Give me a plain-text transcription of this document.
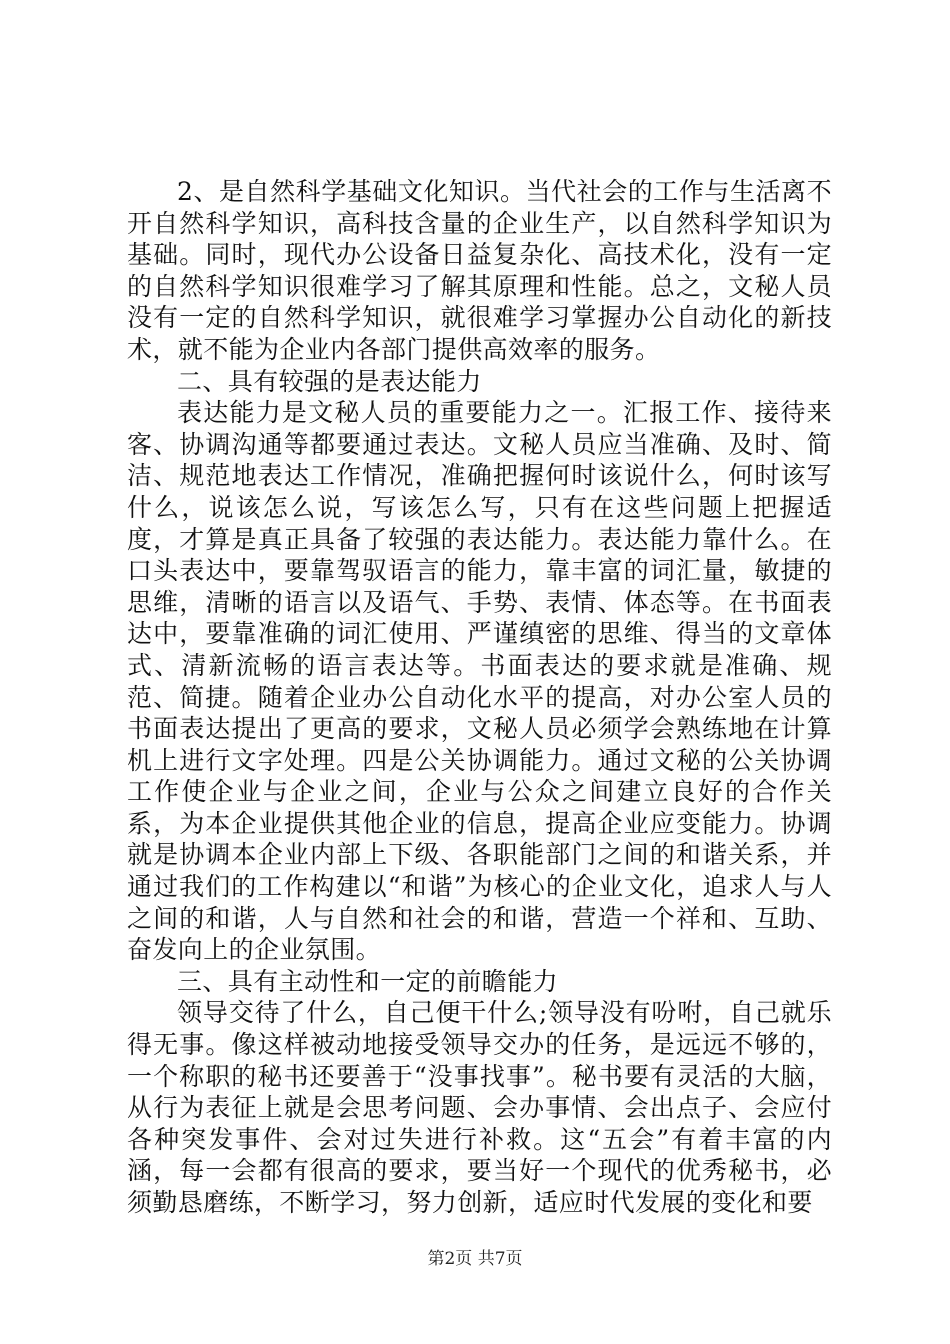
2、是自然科学基础文化知识。当代社会的工作与生活离不开自然科学知识，高科技含量的企业生产，以自然科学知识为基础。同时，现代办公设备日益复杂化、高技术化，没有一定的自然科学知识很难学习了解其原理和性能。总之，文秘人员没有一定的自然科学知识，就很难学习掌握办公自动化的新技术，就不能为企业内各部门提供高效率的服务。

二、具有较强的是表达能力

表达能力是文秘人员的重要能力之一。汇报工作、接待来客、协调沟通等都要通过表达。文秘人员应当准确、及时、简洁、规范地表达工作情况，准确把握何时该说什么，何时该写什么，说该怎么说，写该怎么写，只有在这些问题上把握适度，才算是真正具备了较强的表达能力。表达能力靠什么。在口头表达中，要靠驾驭语言的能力，靠丰富的词汇量，敏捷的思维，清晰的语言以及语气、手势、表情、体态等。在书面表达中，要靠准确的词汇使用、严谨缜密的思维、得当的文章体式、清新流畅的语言表达等。书面表达的要求就是准确、规范、简捷。随着企业办公自动化水平的提高，对办公室人员的书面表达提出了更高的要求，文秘人员必须学会熟练地在计算机上进行文字处理。四是公关协调能力。通过文秘的公关协调工作使企业与企业之间，企业与公众之间建立良好的合作关系，为本企业提供其他企业的信息，提高企业应变能力。协调就是协调本企业内部上下级、各职能部门之间的和谐关系，并通过我们的工作构建以“和谐”为核心的企业文化，追求人与人之间的和谐，人与自然和社会的和谐，营造一个祥和、互助、奋发向上的企业氛围。

三、具有主动性和一定的前瞻能力

领导交待了什么，自己便干什么;领导没有吩咐，自己就乐得无事。像这样被动地接受领导交办的任务，是远远不够的，一个称职的秘书还要善于“没事找事”。秘书要有灵活的大脑，从行为表征上就是会思考问题、会办事情、会出点子、会应付各种突发事件、会对过失进行补救。这“五会”有着丰富的内涵，每一会都有很高的要求，要当好一个现代的优秀秘书，必须勤恳磨练，不断学习，努力创新，适应时代发展的变化和要

第2页 共7页
